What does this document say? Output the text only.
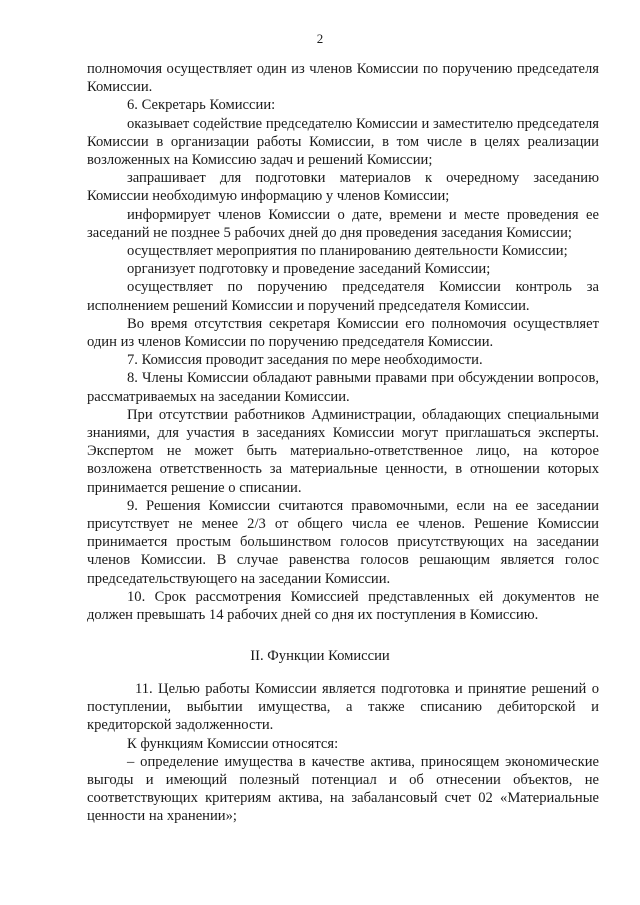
2

полномочия осуществляет один из членов Комиссии по поручению председателя Комиссии.

6. Секретарь Комиссии:

оказывает содействие председателю Комиссии и заместителю председателя Комиссии в организации работы Комиссии, в том числе в целях реализации возложенных на Комиссию задач и решений Комиссии;

запрашивает для подготовки материалов к очередному заседанию Комиссии необходимую информацию у членов Комиссии;

информирует членов Комиссии о дате, времени и месте проведения ее заседаний не позднее 5 рабочих дней до дня проведения заседания Комиссии;

осуществляет мероприятия по планированию деятельности Комиссии;

организует подготовку и проведение заседаний Комиссии;

осуществляет по поручению председателя Комиссии контроль за исполнением решений Комиссии и поручений председателя Комиссии.

Во время отсутствия секретаря Комиссии его полномочия осуществляет один из членов Комиссии по поручению председателя Комиссии.

7. Комиссия проводит заседания по мере необходимости.

8. Члены Комиссии обладают равными правами при обсуждении вопросов, рассматриваемых на заседании Комиссии.

При отсутствии работников Администрации, обладающих специальными знаниями, для участия в заседаниях Комиссии могут приглашаться эксперты. Экспертом не может быть материально-ответственное лицо, на которое возложена ответственность за материальные ценности, в отношении которых принимается решение о списании.

9. Решения Комиссии считаются правомочными, если на ее заседании присутствует не менее 2/3 от общего числа ее членов. Решение Комиссии принимается простым большинством голосов присутствующих на заседании членов Комиссии. В случае равенства голосов решающим является голос председательствующего на заседании Комиссии.

10. Срок рассмотрения Комиссией представленных ей документов не должен превышать 14 рабочих дней со дня их поступления в Комиссию.

II. Функции Комиссии

11. Целью работы Комиссии является подготовка и принятие решений о поступлении, выбытии имущества, а также списанию дебиторской и кредиторской задолженности.

К функциям Комиссии относятся:

– определение имущества в качестве актива, приносящем экономические выгоды и имеющий полезный потенциал и об отнесении объектов, не соответствующих критериям актива, на забалансовый счет 02 «Материальные ценности на хранении»;
